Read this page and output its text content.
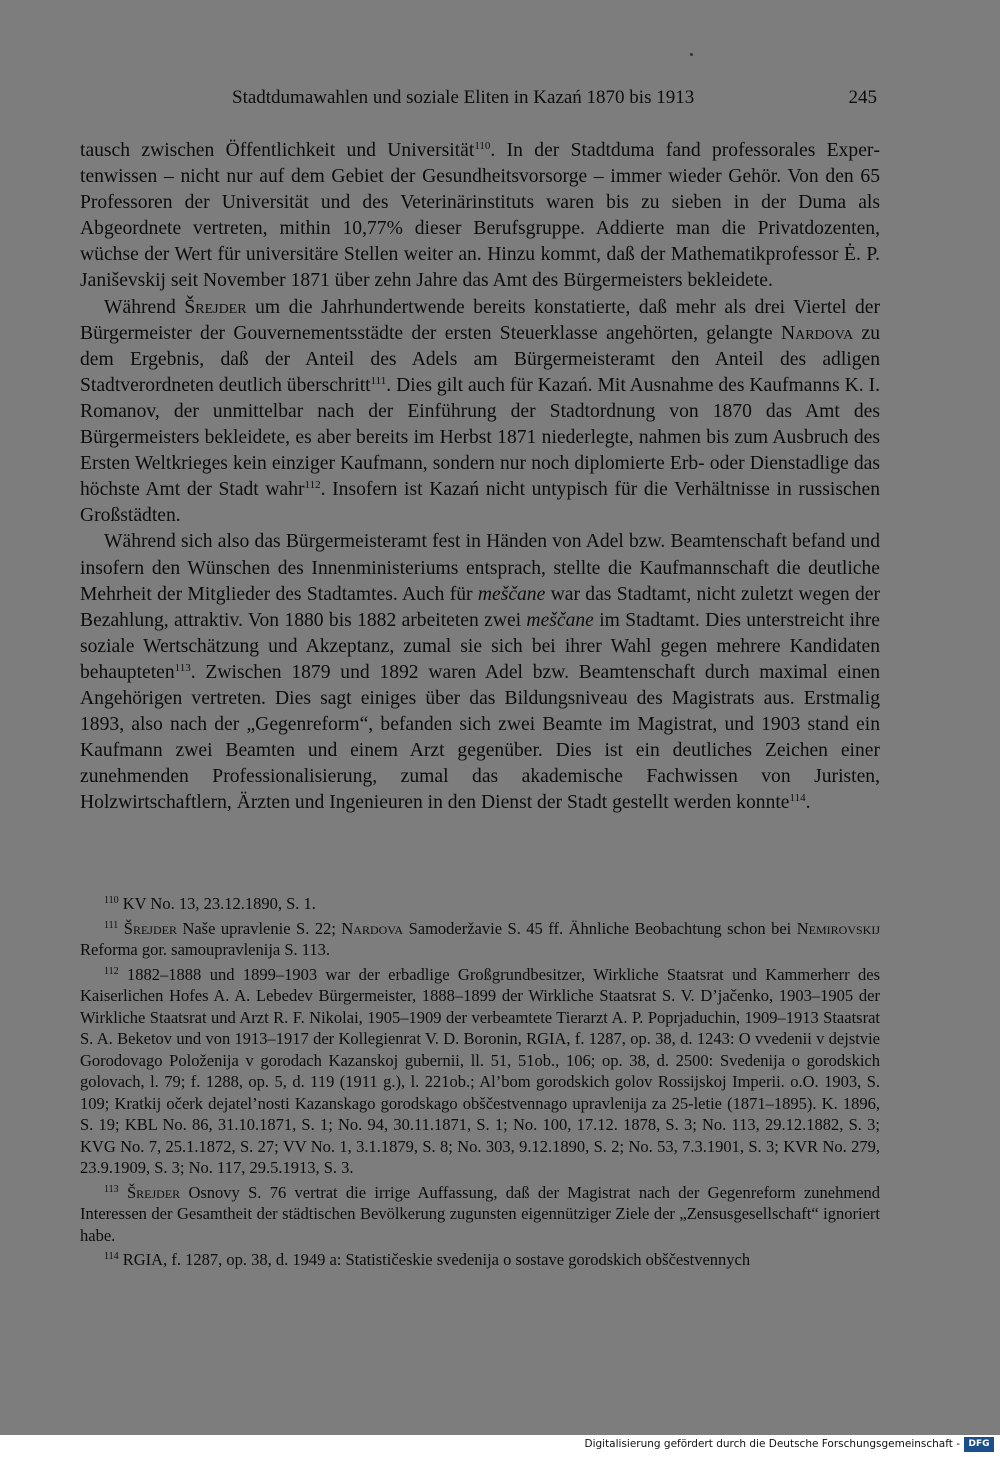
Stadtdumawahlen und soziale Eliten in Kazań 1870 bis 1913	245

tausch zwischen Öffentlichkeit und Universität$^{110}$. In der Stadtduma fand professorales Expertenwissen – nicht nur auf dem Gebiet der Gesundheitsvorsorge – immer wieder Gehör. Von den 65 Professoren der Universität und des Veterinärinstituts waren bis zu sieben in der Duma als Abgeordnete vertreten, mithin 10,77% dieser Berufsgruppe. Addierte man die Privatdozenten, wüchse der Wert für universitäre Stellen weiter an. Hinzu kommt, daß der Mathematikprofessor Ė. P. Janiševskij seit November 1871 über zehn Jahre das Amt des Bürgermeisters bekleidete.

Während Šrejder um die Jahrhundertwende bereits konstatierte, daß mehr als drei Viertel der Bürgermeister der Gouvernementsstädte der ersten Steuerklasse angehörten, gelangte Nardova zu dem Ergebnis, daß der Anteil des Adels am Bürgermeisteramt den Anteil des adligen Stadtverordneten deutlich überschritt$^{111}$. Dies gilt auch für Kazań. Mit Ausnahme des Kaufmanns K. I. Romanov, der unmittelbar nach der Einführung der Stadtordnung von 1870 das Amt des Bürgermeisters bekleidete, es aber bereits im Herbst 1871 niederlegte, nahmen bis zum Ausbruch des Ersten Weltkrieges kein einziger Kaufmann, sondern nur noch diplomierte Erb- oder Dienstadlige das höchste Amt der Stadt wahr$^{112}$. Insofern ist Kazań nicht untypisch für die Verhältnisse in russischen Großstädten.

Während sich also das Bürgermeisteramt fest in Händen von Adel bzw. Beamtenschaft befand und insofern den Wünschen des Innenministeriums entsprach, stellte die Kaufmannschaft die deutliche Mehrheit der Mitglieder des Stadtamtes. Auch für meščane war das Stadtamt, nicht zuletzt wegen der Bezahlung, attraktiv. Von 1880 bis 1882 arbeiteten zwei meščane im Stadtamt. Dies unterstreicht ihre soziale Wertschätzung und Akzeptanz, zumal sie sich bei ihrer Wahl gegen mehrere Kandidaten behaupteten$^{113}$. Zwischen 1879 und 1892 waren Adel bzw. Beamtenschaft durch maximal einen Angehörigen vertreten. Dies sagt einiges über das Bildungsniveau des Magistrats aus. Erstmalig 1893, also nach der „Gegenreform“, befanden sich zwei Beamte im Magistrat, und 1903 stand ein Kaufmann zwei Beamten und einem Arzt gegenüber. Dies ist ein deutliches Zeichen einer zunehmenden Professionalisierung, zumal das akademische Fachwissen von Juristen, Holzwirtschaftlern, Ärzten und Ingenieuren in den Dienst der Stadt gestellt werden konnte$^{114}$.

$^{110}$ KV No. 13, 23.12.1890, S. 1.

$^{111}$ Šrejder Naše upravlenie S. 22; Nardova Samoderžavie S. 45 ff. Ähnliche Beobachtung schon bei Nemirovskij Reforma gor. samoupravlenija S. 113.

$^{112}$ 1882–1888 und 1899–1903 war der erbadlige Großgrundbesitzer, Wirkliche Staatsrat und Kammerherr des Kaiserlichen Hofes A. A. Lebedev Bürgermeister, 1888–1899 der Wirkliche Staatsrat S. V. D’jačenko, 1903–1905 der Wirkliche Staatsrat und Arzt R. F. Nikolai, 1905–1909 der verbeamtete Tierarzt A. P. Poprjaduchin, 1909–1913 Staatsrat S. A. Beketov und von 1913–1917 der Kollegienrat V. D. Boronin, RGIA, f. 1287, op. 38, d. 1243: O vvedenii v dejstvie Gorodovago Položenija v gorodach Kazanskoj gubernii, ll. 51, 51ob., 106; op. 38, d. 2500: Svedenija o gorodskich golovach, l. 79; f. 1288, op. 5, d. 119 (1911 g.), l. 221ob.; Al’bom gorodskich golov Rossijskoj Imperii. o.O. 1903, S. 109; Kratkij očerk dejatel’nosti Kazanskago gorodskago obščestvennago upravlenija za 25-letie (1871–1895). K. 1896, S. 19; KBL No. 86, 31.10.1871, S. 1; No. 94, 30.11.1871, S. 1; No. 100, 17.12. 1878, S. 3; No. 113, 29.12.1882, S. 3; KVG No. 7, 25.1.1872, S. 27; VV No. 1, 3.1.1879, S. 8; No. 303, 9.12.1890, S. 2; No. 53, 7.3.1901, S. 3; KVR No. 279, 23.9.1909, S. 3; No. 117, 29.5.1913, S. 3.

$^{113}$ Šrejder Osnovy S. 76 vertrat die irrige Auffassung, daß der Magistrat nach der Gegenreform zunehmend Interessen der Gesamtheit der städtischen Bevölkerung zugunsten eigennütziger Ziele der „Zensusgesellschaft“ ignoriert habe.

$^{114}$ RGIA, f. 1287, op. 38, d. 1949 a: Statističeskie svedenija o sostave gorodskich obščestvennych

Digitalisierung gefördert durch die Deutsche Forschungsgemeinschaft - DFG
